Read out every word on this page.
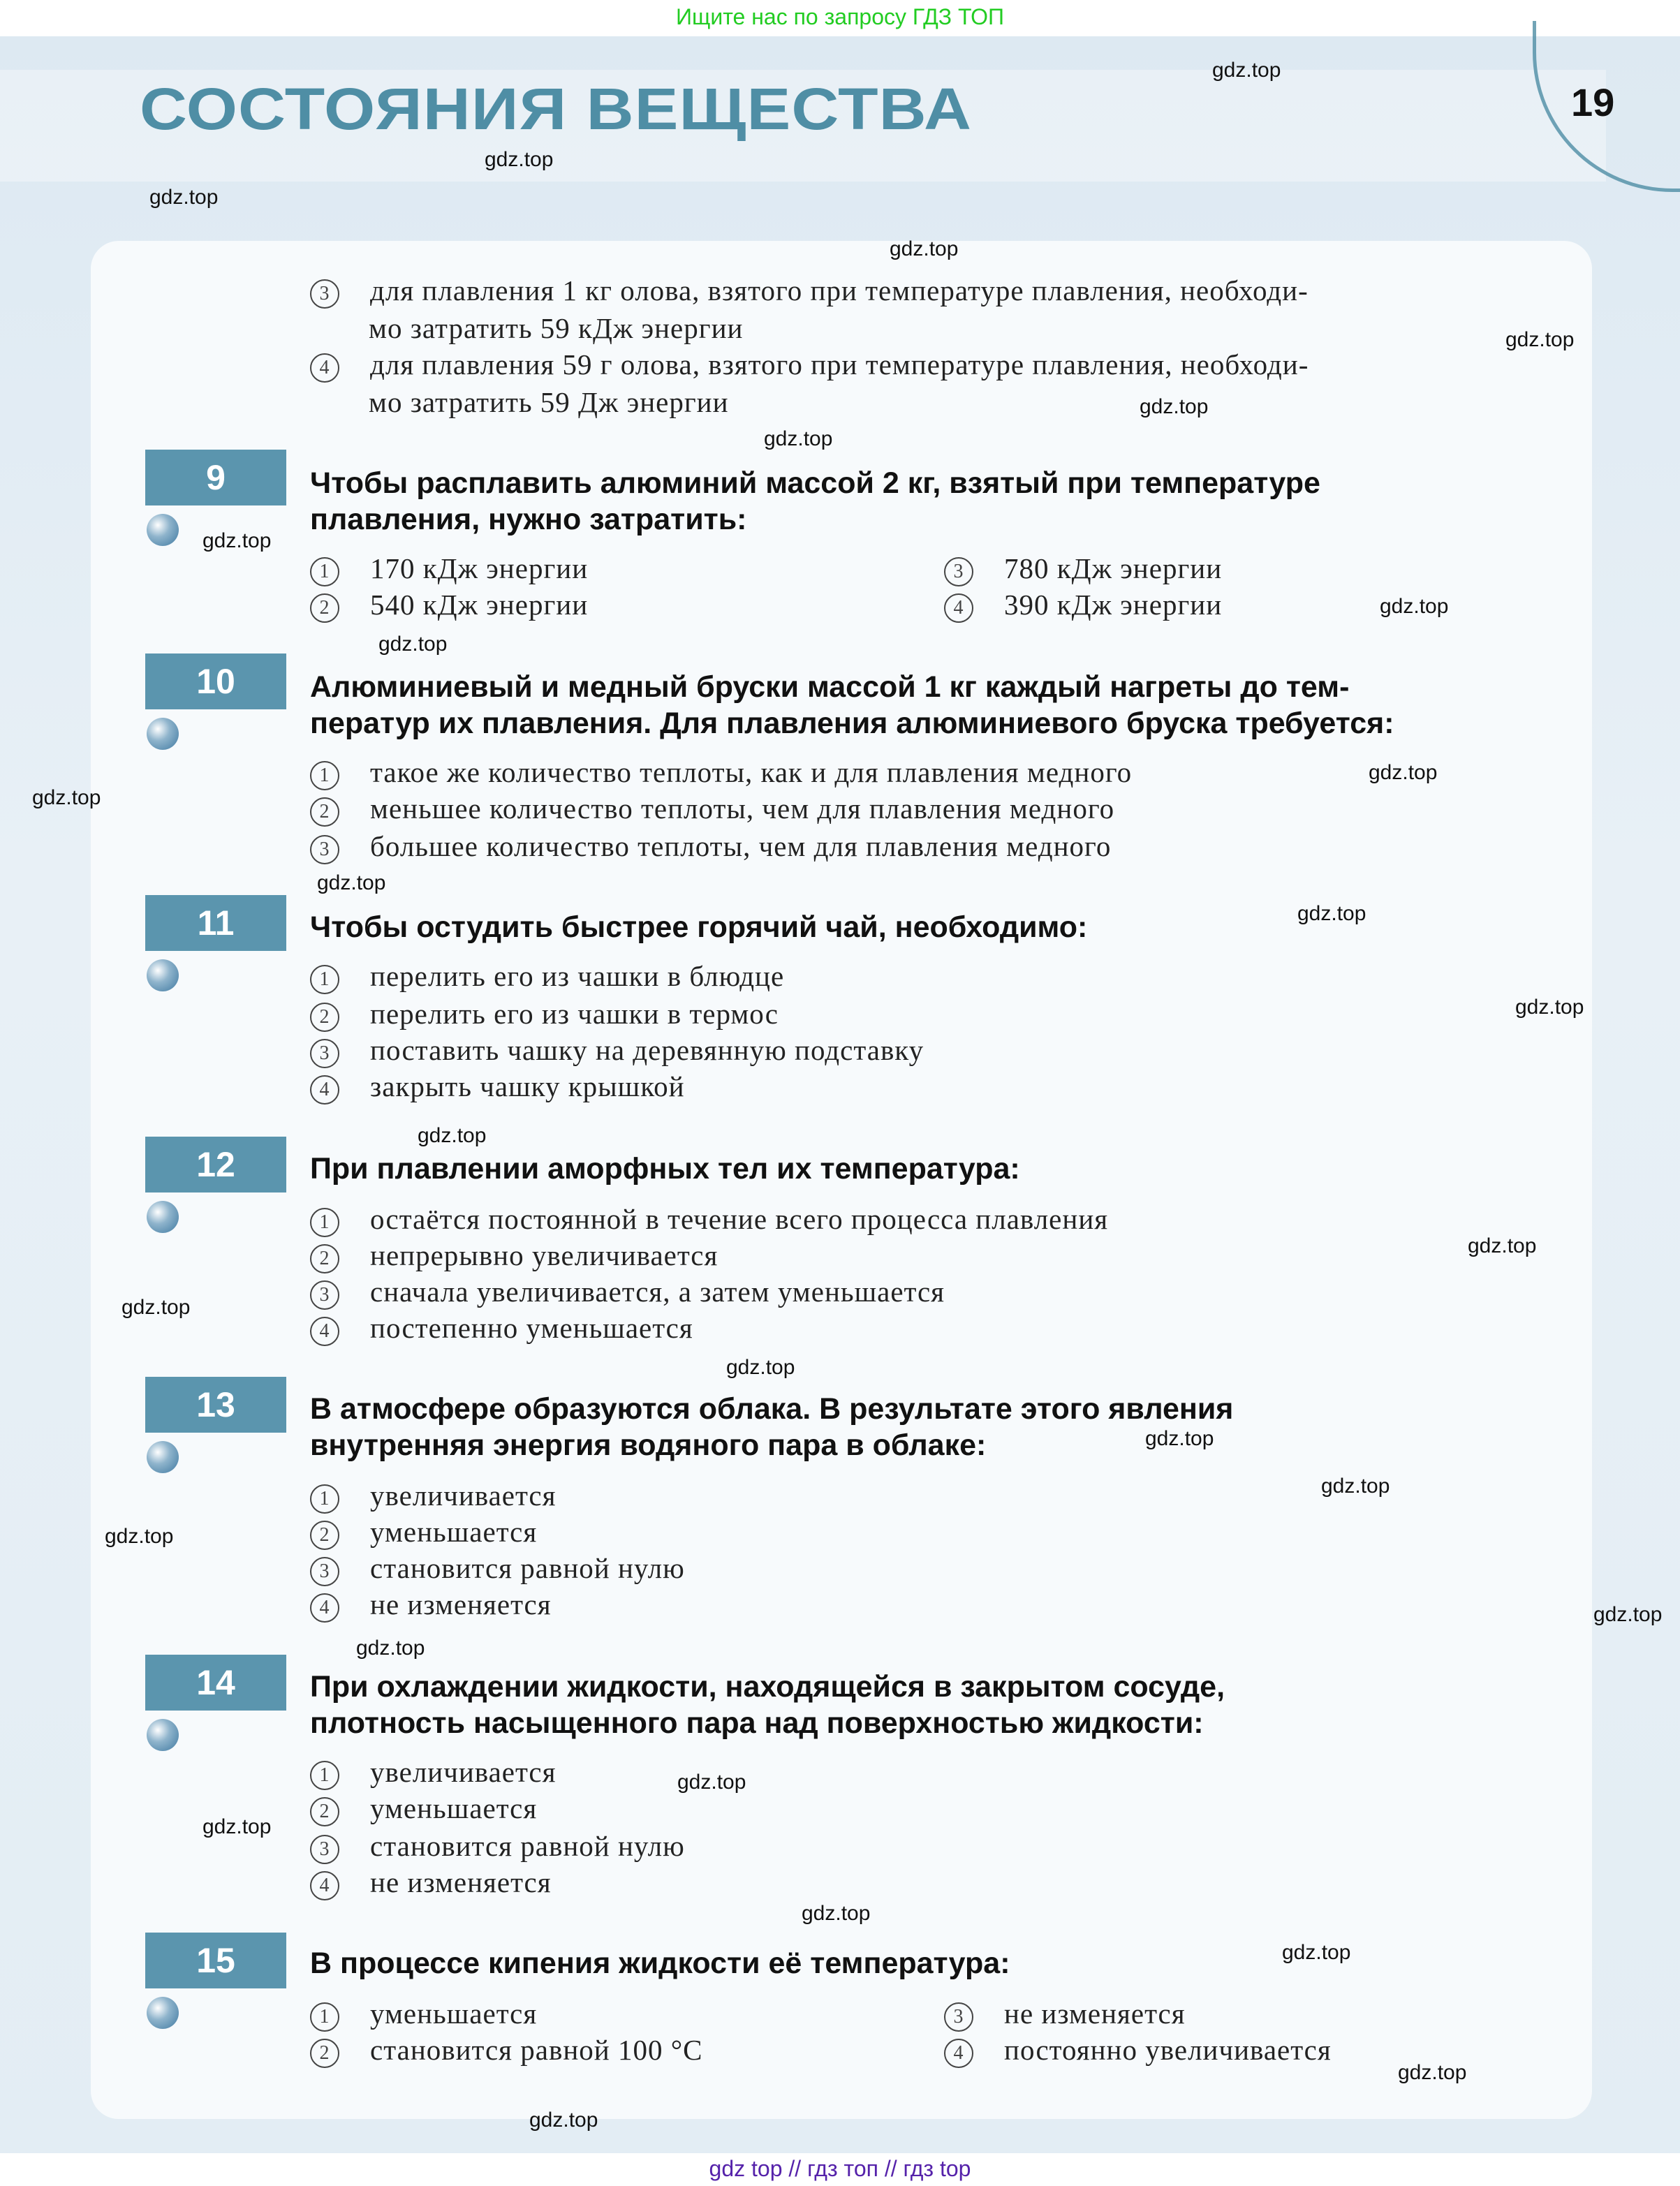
Ищите нас по запросу ГДЗ ТОП
СОСТОЯНИЯ ВЕЩЕСТВА	19
3 для плавления 1 кг олова, взятого при температуре плавления, необходи-
мо затратить 59 кДж энергии
4 для плавления 59 г олова, взятого при температуре плавления, необходи-
мо затратить 59 Дж энергии
9	Чтобы расплавить алюминий массой 2 кг, взятый при температуре
плавления, нужно затратить:
1 170 кДж энергии
2 540 кДж энергии
3 780 кДж энергии
4 390 кДж энергии
10	Алюминиевый и медный бруски массой 1 кг каждый нагреты до тем-
ператур их плавления. Для плавления алюминиевого бруска требуется:
1 такое же количество теплоты, как и для плавления медного
2 меньшее количество теплоты, чем для плавления медного
3 большее количество теплоты, чем для плавления медного
11	Чтобы остудить быстрее горячий чай, необходимо:
1 перелить его из чашки в блюдце
2 перелить его из чашки в термос
3 поставить чашку на деревянную подставку
4 закрыть чашку крышкой
12	При плавлении аморфных тел их температура:
1 остаётся постоянной в течение всего процесса плавления
2 непрерывно увеличивается
3 сначала увеличивается, а затем уменьшается
4 постепенно уменьшается
13	В атмосфере образуются облака. В результате этого явления
внутренняя энергия водяного пара в облаке:
1 увеличивается
2 уменьшается
3 становится равной нулю
4 не изменяется
14	При охлаждении жидкости, находящейся в закрытом сосуде,
плотность насыщенного пара над поверхностью жидкости:
1 увеличивается
2 уменьшается
3 становится равной нулю
4 не изменяется
15	В процессе кипения жидкости её температура:
1 уменьшается
2 становится равной 100 °C
3 не изменяется
4 постоянно увеличивается
gdz.top
gdz.top
gdz.top
gdz.top
gdz.top
gdz.top
gdz.top
gdz.top
gdz.top
gdz.top
gdz.top
gdz.top
gdz.top
gdz.top
gdz.top
gdz.top
gdz.top
gdz.top
gdz.top
gdz.top
gdz.top
gdz.top
gdz.top
gdz.top
gdz.top
gdz.top
gdz.top
gdz.top
gdz.top
gdz.top
gdz top // гдз топ // гдз top
